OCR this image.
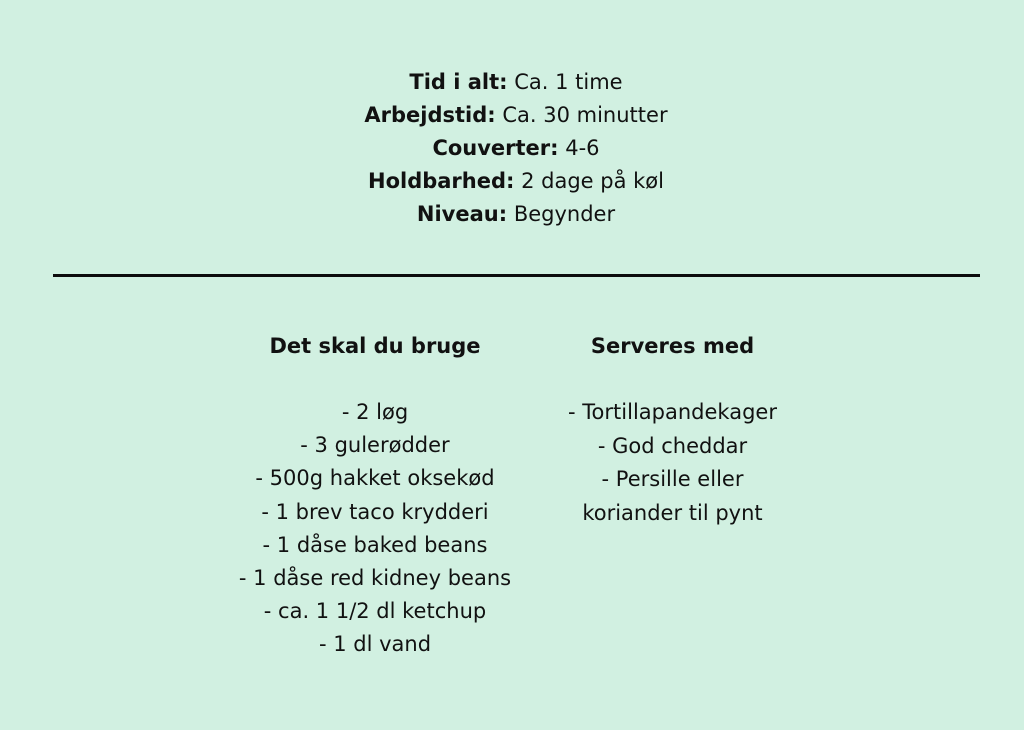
Tid i alt: Ca. 1 time
Arbejdstid: Ca. 30 minutter
Couverter: 4-6
Holdbarhed: 2 dage på køl
Niveau: Begynder
Det skal du bruge
- 2 løg
- 3 gulerødder
- 500g hakket oksekød
- 1 brev taco krydderi
- 1 dåse baked beans
- 1 dåse red kidney beans
- ca. 1 1/2 dl ketchup
- 1 dl vand
Serveres med
- Tortillapandekager
- God cheddar
- Persille eller
koriander til pynt
